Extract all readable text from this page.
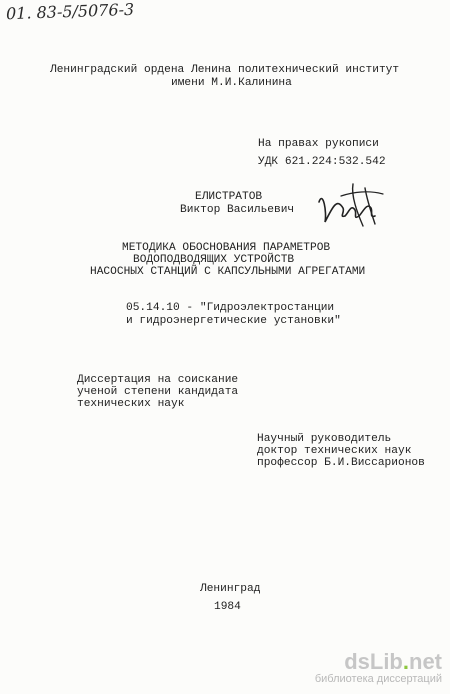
01. 83-5/5076-3
Ленинградский ордена Ленина политехнический институт
имени М.И.Калинина
На правах рукописи
УДК 621.224:532.542
ЕЛИСТРАТОВ
Виктор Васильевич
МЕТОДИКА ОБОСНОВАНИЯ ПАРАМЕТРОВ
ВОДОПОДВОДЯЩИХ УСТРОЙСТВ
НАСОСНЫХ СТАНЦИЙ С КАПСУЛЬНЫМИ АГРЕГАТАМИ
05.14.10 - "Гидроэлектростанции
и гидроэнергетические установки"
Диссертация на соискание
ученой степени кандидата
технических наук
Научный руководитель
доктор технических наук
профессор Б.И.Виссарионов
Ленинград
1984
dsLib.net
библиотека диссертаций
